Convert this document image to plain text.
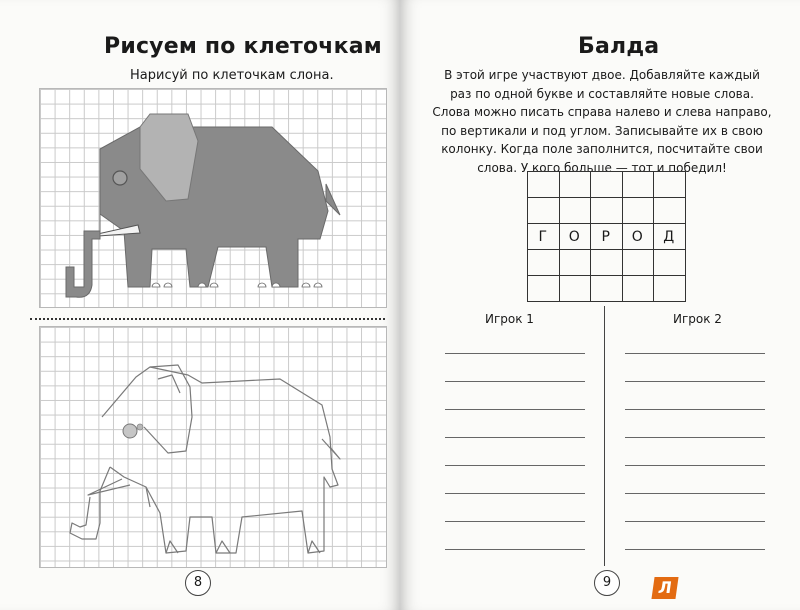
Рисуем по клеточкам
Нарисуй по клеточкам слона.
8
Балда
В этой игре участвуют двое. Добавляйте каждый раз по одной букве и составляйте новые слова. Слова можно писать справа налево и слева направо, по вертикали и под углом. Записывайте их в свою колонку. Когда поле заполнится, посчитайте свои слова. У кого больше — тот и победил!
Г	О	Р	О	Д
Игрок 1	Игрок 2
9	Л
